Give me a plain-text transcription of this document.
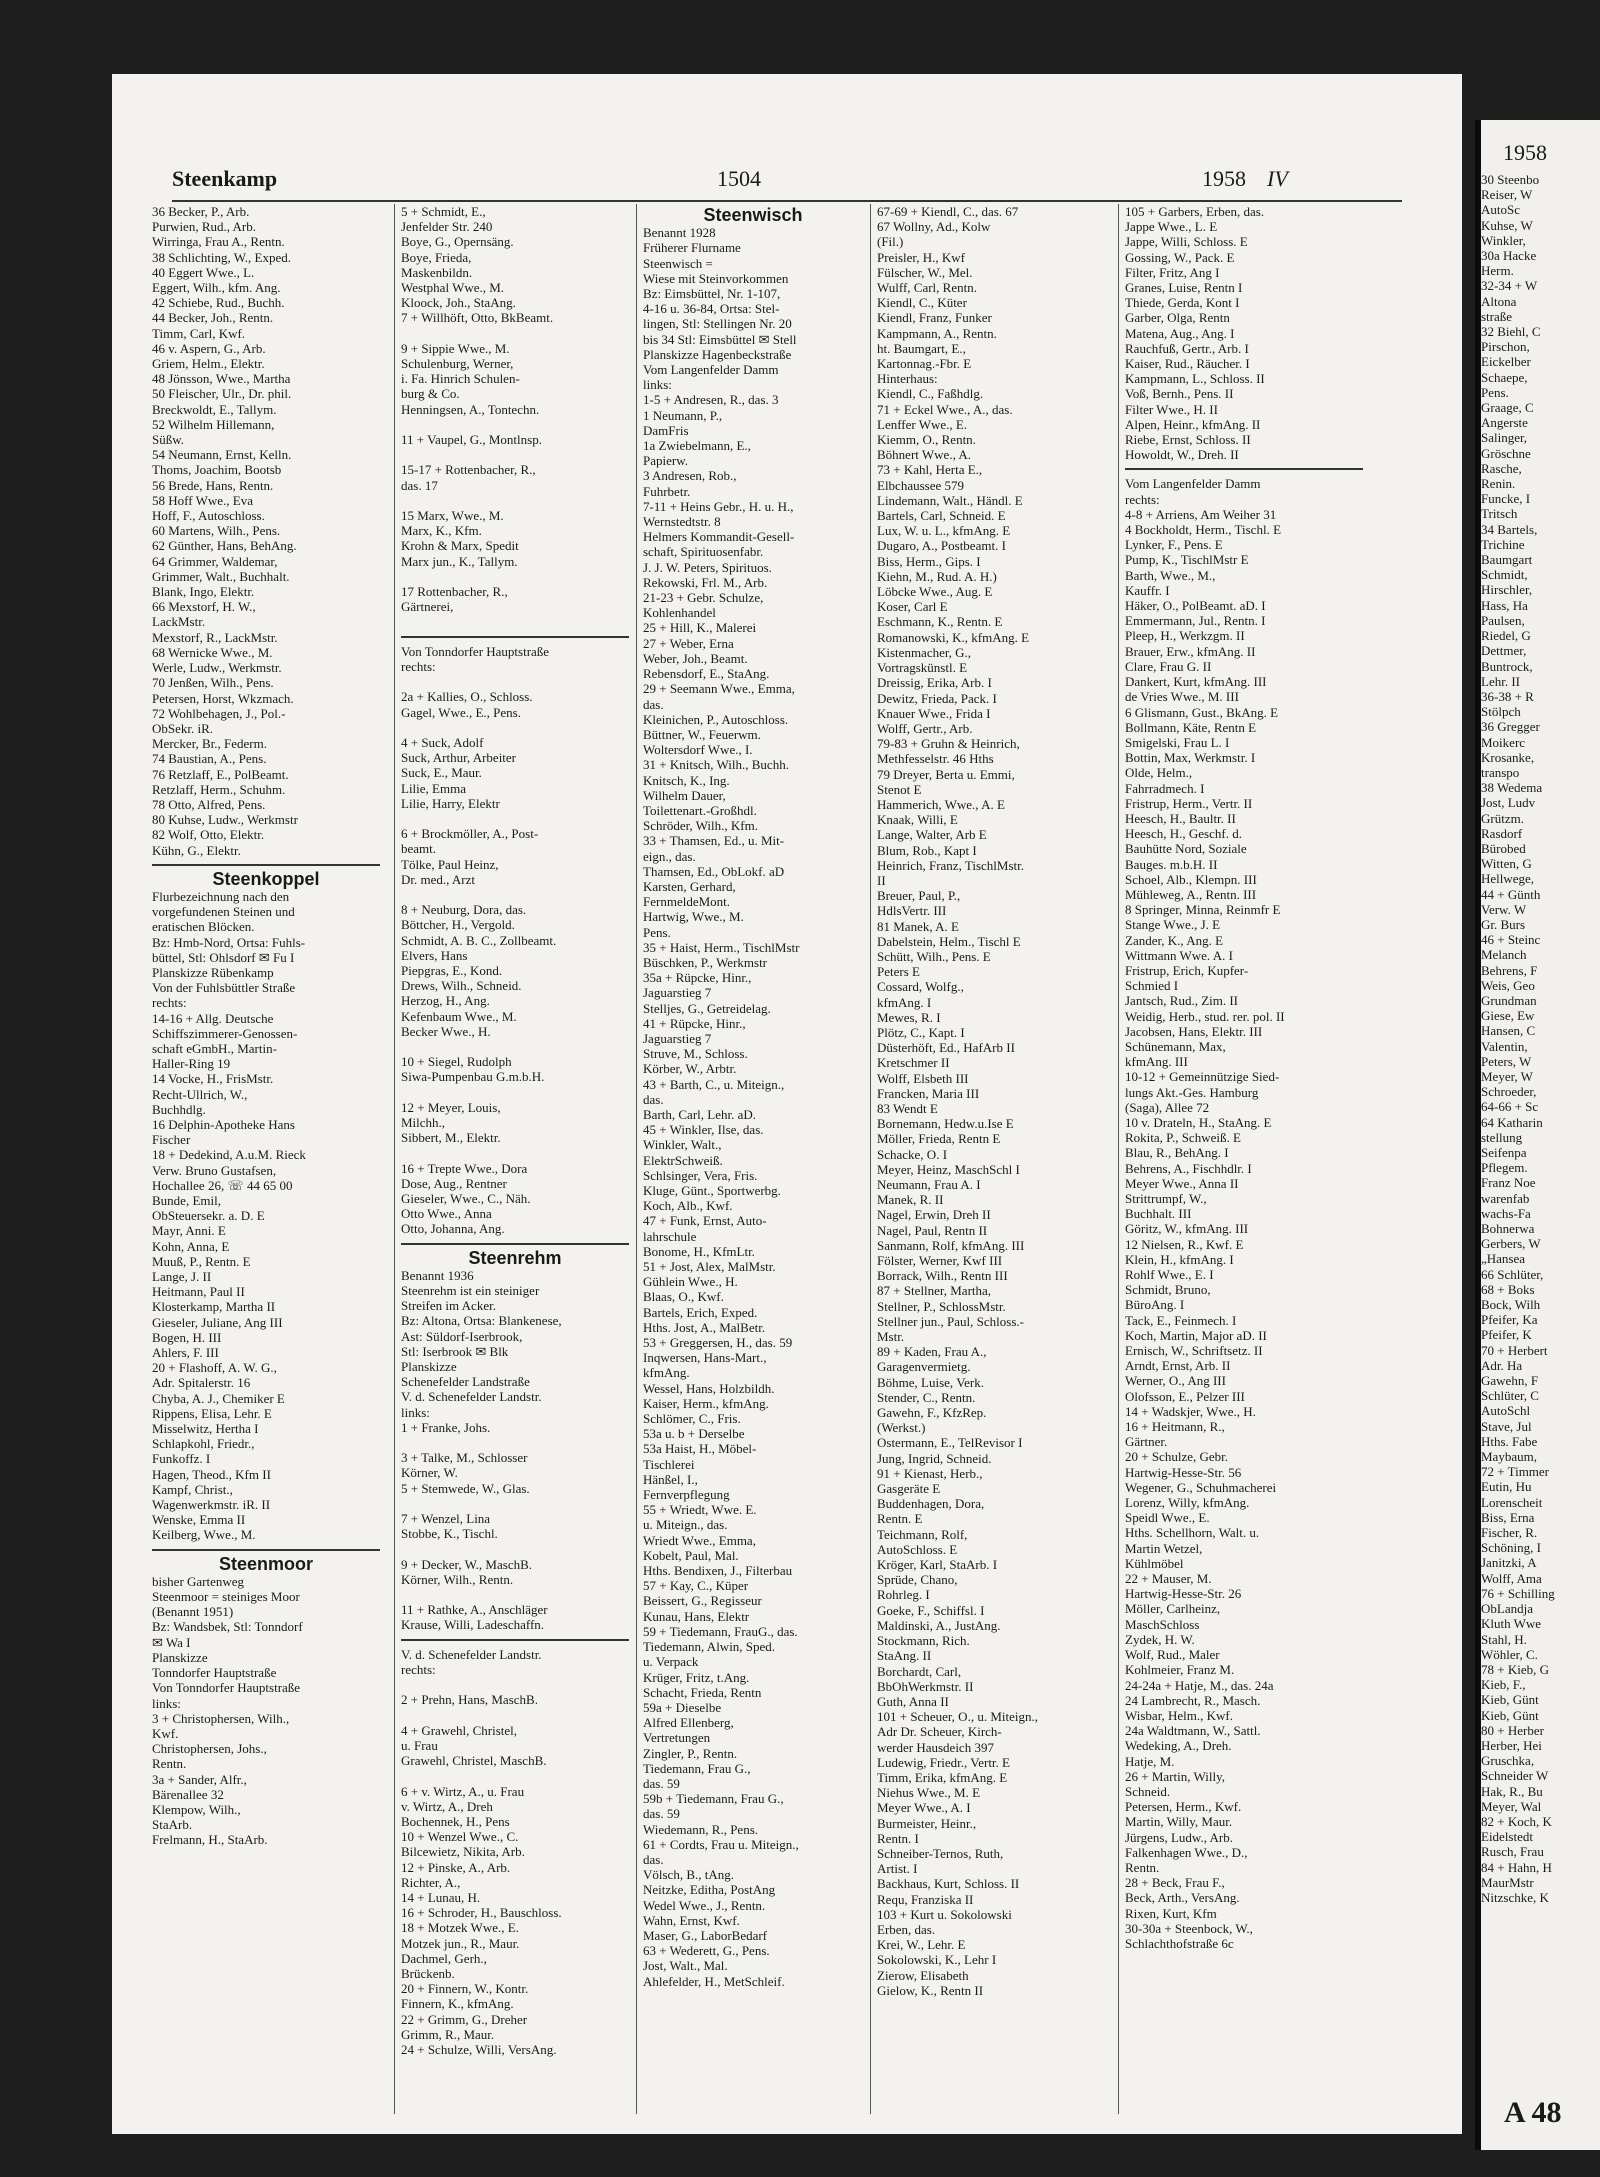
Steenkamp	1504	1958 IV
36 Becker, P., Arb.
Purwien, Rud., Arb.
Wirringa, Frau A., Rentn.
38 Schlichting, W., Exped.
40 Eggert Wwe., L.
Eggert, Wilh., kfm. Ang.
42 Schiebe, Rud., Buchh.
44 Becker, Joh., Rentn.
Timm, Carl, Kwf.
46 v. Aspern, G., Arb.
Griem, Helm., Elektr.
48 Jönsson, Wwe., Martha
50 Fleischer, Ulr., Dr. phil.
Breckwoldt, E., Tallym.
52 Wilhelm Hillemann,
Süßw.
54 Neumann, Ernst, Kelln.
Thoms, Joachim, Bootsb
56 Brede, Hans, Rentn.
58 Hoff Wwe., Eva
Hoff, F., Autoschloss.
60 Martens, Wilh., Pens.
62 Günther, Hans, BehAng.
64 Grimmer, Waldemar,
Grimmer, Walt., Buchhalt.
Blank, Ingo, Elektr.
66 Mexstorf, H. W.,
LackMstr.
Mexstorf, R., LackMstr.
68 Wernicke Wwe., M.
Werle, Ludw., Werkmstr.
70 Jenßen, Wilh., Pens.
Petersen, Horst, Wkzmach.
72 Wohlbehagen, J., Pol.-
ObSekr. iR.
Mercker, Br., Federm.
74 Baustian, A., Pens.
76 Retzlaff, E., PolBeamt.
Retzlaff, Herm., Schuhm.
78 Otto, Alfred, Pens.
80 Kuhse, Ludw., Werkmstr
82 Wolf, Otto, Elektr.
Kühn, G., Elektr.
Steenkoppel
Flurbezeichnung nach den
vorgefundenen Steinen und
eratischen Blöcken.
Bz: Hmb-Nord, Ortsa: Fuhls-
büttel, Stl: Ohlsdorf ✉ Fu I
Planskizze Rübenkamp
Von der Fuhlsbüttler Straße
rechts:
14-16 + Allg. Deutsche
Schiffszimmerer-Genossen-
schaft eGmbH., Martin-
Haller-Ring 19
14 Vocke, H., FrisMstr.
Recht-Ullrich, W.,
Buchhdlg.
16 Delphin-Apotheke Hans
Fischer
18 + Dedekind, A.u.M. Rieck
Verw. Bruno Gustafsen,
Hochallee 26, ☏ 44 65 00
Bunde, Emil,
ObSteuersekr. a. D. E
Mayr, Anni. E
Kohn, Anna, E
Muuß, P., Rentn. E
Lange, J. II
Heitmann, Paul II
Klosterkamp, Martha II
Gieseler, Juliane, Ang III
Bogen, H. III
Ahlers, F. III
20 + Flashoff, A. W. G.,
Adr. Spitalerstr. 16
Chyba, A. J., Chemiker E
Rippens, Elisa, Lehr. E
Misselwitz, Hertha I
Schlapkohl, Friedr.,
Funkoffz. I
Hagen, Theod., Kfm II
Kampf, Christ.,
Wagenwerkmstr. iR. II
Wenske, Emma II
Keilberg, Wwe., M.
Steenmoor
bisher Gartenweg
Steenmoor = steiniges Moor
(Benannt 1951)
Bz: Wandsbek, Stl: Tonndorf
✉ Wa I
Planskizze
Tonndorfer Hauptstraße
Von Tonndorfer Hauptstraße
links:
3 + Christophersen, Wilh.,
Kwf.
Christophersen, Johs.,
Rentn.
3a + Sander, Alfr.,
Bärenallee 32
Klempow, Wilh.,
StaArb.
Frelmann, H., StaArb.
5 + Schmidt, E.,
Jenfelder Str. 240
Boye, G., Opernsäng.
Boye, Frieda,
Maskenbildn.
Westphal Wwe., M.
Kloock, Joh., StaAng.
7 + Willhöft, Otto, BkBeamt.

9 + Sippie Wwe., M.
Schulenburg, Werner,
i. Fa. Hinrich Schulen-
burg & Co.
Henningsen, A., Tontechn.

11 + Vaupel, G., Montlnsp.

15-17 + Rottenbacher, R.,
das. 17

15 Marx, Wwe., M.
Marx, K., Kfm.
Krohn & Marx, Spedit
Marx jun., K., Tallym.

17 Rottenbacher, R.,
Gärtnerei,

Von Tonndorfer Hauptstraße
rechts:

2a + Kallies, O., Schloss.
Gagel, Wwe., E., Pens.

4 + Suck, Adolf
Suck, Arthur, Arbeiter
Suck, E., Maur.
Lilie, Emma
Lilie, Harry, Elektr

6 + Brockmöller, A., Post-
beamt.
Tölke, Paul Heinz,
Dr. med., Arzt

8 + Neuburg, Dora, das.
Böttcher, H., Vergold.
Schmidt, A. B. C., Zollbeamt.
Elvers, Hans
Piepgras, E., Kond.
Drews, Wilh., Schneid.
Herzog, H., Ang.
Kefenbaum Wwe., M.
Becker Wwe., H.

10 + Siegel, Rudolph
Siwa-Pumpenbau G.m.b.H.

12 + Meyer, Louis,
Milchh.,
Sibbert, M., Elektr.

16 + Trepte Wwe., Dora
Dose, Aug., Rentner
Gieseler, Wwe., C., Näh.
Otto Wwe., Anna
Otto, Johanna, Ang.
Steenrehm
Benannt 1936
Steenrehm ist ein steiniger
Streifen im Acker.
Bz: Altona, Ortsa: Blankenese,
Ast: Süldorf-Iserbrook,
Stl: Iserbrook ✉ Blk
Planskizze
Schenefelder Landstraße
V. d. Schenefelder Landstr.
links:
1 + Franke, Johs.

3 + Talke, M., Schlosser
Körner, W.
5 + Stemwede, W., Glas.

7 + Wenzel, Lina
Stobbe, K., Tischl.

9 + Decker, W., MaschB.
Körner, Wilh., Rentn.

11 + Rathke, A., Anschläger
Krause, Willi, Ladeschaffn.
V. d. Schenefelder Landstr.
rechts:

2 + Prehn, Hans, MaschB.

4 + Grawehl, Christel,
u. Frau
Grawehl, Christel, MaschB.

6 + v. Wirtz, A., u. Frau
v. Wirtz, A., Dreh
Bochennek, H., Pens
10 + Wenzel Wwe., C.
Bilcewietz, Nikita, Arb.
12 + Pinske, A., Arb.
Richter, A.,
14 + Lunau, H.
16 + Schroder, H., Bauschloss.
18 + Motzek Wwe., E.
Motzek jun., R., Maur.
Dachmel, Gerh.,
Brückenb.
20 + Finnern, W., Kontr.
Finnern, K., kfmAng.
22 + Grimm, G., Dreher
Grimm, R., Maur.
24 + Schulze, Willi, VersAng.
Steenwisch
Benannt 1928
Früherer Flurname
Steenwisch =
Wiese mit Steinvorkommen
Bz: Eimsbüttel, Nr. 1-107,
4-16 u. 36-84, Ortsa: Stel-
lingen, Stl: Stellingen Nr. 20
bis 34 Stl: Eimsbüttel ✉ Stell
Planskizze Hagenbeckstraße
Vom Langenfelder Damm
links:
1-5 + Andresen, R., das. 3
1 Neumann, P.,
DamFris
1a Zwiebelmann, E.,
Papierw.
3 Andresen, Rob.,
Fuhrbetr.
7-11 + Heins Gebr., H. u. H.,
Wernstedtstr. 8
Helmers Kommandit-Gesell-
schaft, Spirituosenfabr.
J. J. W. Peters, Spirituos.
Rekowski, Frl. M., Arb.
21-23 + Gebr. Schulze,
Kohlenhandel
25 + Hill, K., Malerei
27 + Weber, Erna
Weber, Joh., Beamt.
Rebensdorf, E., StaAng.
29 + Seemann Wwe., Emma,
das.
Kleinichen, P., Autoschloss.
Büttner, W., Feuerwm.
Woltersdorf Wwe., I.
31 + Knitsch, Wilh., Buchh.
Knitsch, K., Ing.
Wilhelm Dauer,
Toilettenart.-Großhdl.
Schröder, Wilh., Kfm.
33 + Thamsen, Ed., u. Mit-
eign., das.
Thamsen, Ed., ObLokf. aD
Karsten, Gerhard,
FernmeldeMont.
Hartwig, Wwe., M.
Pens.
35 + Haist, Herm., TischlMstr
Büschken, P., Werkmstr
35a + Rüpcke, Hinr.,
Jaguarstieg 7
Stelljes, G., Getreidelag.
41 + Rüpcke, Hinr.,
Jaguarstieg 7
Struve, M., Schloss.
Körber, W., Arbtr.
43 + Barth, C., u. Miteign.,
das.
Barth, Carl, Lehr. aD.
45 + Winkler, Ilse, das.
Winkler, Walt.,
ElektrSchweiß.
Schlsinger, Vera, Fris.
Kluge, Günt., Sportwerbg.
Koch, Alb., Kwf.
47 + Funk, Ernst, Auto-
lahrschule
Bonome, H., KfmLtr.
51 + Jost, Alex, MalMstr.
Gühlein Wwe., H.
Blaas, O., Kwf.
Bartels, Erich, Exped.
Hths. Jost, A., MalBetr.
53 + Greggersen, H., das. 59
Inqwersen, Hans-Mart.,
kfmAng.
Wessel, Hans, Holzbildh.
Kaiser, Herm., kfmAng.
Schlömer, C., Fris.
53a u. b + Derselbe
53a Haist, H., Möbel-
Tischlerei
Hänßel, I.,
Fernverpflegung
55 + Wriedt, Wwe. E.
u. Miteign., das.
Wriedt Wwe., Emma,
Kobelt, Paul, Mal.
Hths. Bendixen, J., Filterbau
57 + Kay, C., Küper
Beissert, G., Regisseur
Kunau, Hans, Elektr
59 + Tiedemann, FrauG., das.
Tiedemann, Alwin, Sped.
u. Verpack
Krüger, Fritz, t.Ang.
Schacht, Frieda, Rentn
59a + Dieselbe
Alfred Ellenberg,
Vertretungen
Zingler, P., Rentn.
Tiedemann, Frau G.,
das. 59
59b + Tiedemann, Frau G.,
das. 59
Wiedemann, R., Pens.
61 + Cordts, Frau u. Miteign.,
das.
Völsch, B., tAng.
Neitzke, Editha, PostAng
Wedel Wwe., J., Rentn.
Wahn, Ernst, Kwf.
Maser, G., LaborBedarf
63 + Wederett, G., Pens.
Jost, Walt., Mal.
Ahlefelder, H., MetSchleif.
67-69 + Kiendl, C., das. 67
67 Wollny, Ad., Kolw
(Fil.)
Preisler, H., Kwf
Fülscher, W., Mel.
Wulff, Carl, Rentn.
Kiendl, C., Küter
Kiendl, Franz, Funker
Kampmann, A., Rentn.
ht. Baumgart, E.,
Kartonnag.-Fbr. E
Hinterhaus:
Kiendl, C., Faßhdlg.
71 + Eckel Wwe., A., das.
Lenffer Wwe., E.
Kiemm, O., Rentn.
Böhnert Wwe., A.
73 + Kahl, Herta E.,
Elbchaussee 579
Lindemann, Walt., Händl. E
Bartels, Carl, Schneid. E
Lux, W. u. L., kfmAng. E
Dugaro, A., Postbeamt. I
Biss, Herm., Gips. I
Kiehn, M., Rud. A. H.)
Löbcke Wwe., Aug. E
Koser, Carl E
Eschmann, K., Rentn. E
Romanowski, K., kfmAng. E
Kistenmacher, G.,
Vortragskünstl. E
Dreissig, Erika, Arb. I
Dewitz, Frieda, Pack. I
Knauer Wwe., Frida I
Wolff, Gertr., Arb.
79-83 + Gruhn & Heinrich,
Methfesselstr. 46 Hths
79 Dreyer, Berta u. Emmi,
Stenot E
Hammerich, Wwe., A. E
Knaak, Willi, E
Lange, Walter, Arb E
Blum, Rob., Kapt I
Heinrich, Franz, TischlMstr.
II
Breuer, Paul, P.,
HdlsVertr. III
81 Manek, A. E
Dabelstein, Helm., Tischl E
Schütt, Wilh., Pens. E
Peters E
Cossard, Wolfg.,
kfmAng. I
Mewes, R. I
Plötz, C., Kapt. I
Düsterhöft, Ed., HafArb II
Kretschmer II
Wolff, Elsbeth III
Francken, Maria III
83 Wendt E
Bornemann, Hedw.u.Ise E
Möller, Frieda, Rentn E
Schacke, O. I
Meyer, Heinz, MaschSchl I
Neumann, Frau A. I
Manek, R. II
Nagel, Erwin, Dreh II
Nagel, Paul, Rentn II
Sanmann, Rolf, kfmAng. III
Fölster, Werner, Kwf III
Borrack, Wilh., Rentn III
87 + Stellner, Martha,
Stellner, P., SchlossMstr.
Stellner jun., Paul, Schloss.-
Mstr.
89 + Kaden, Frau A.,
Garagenvermietg.
Böhme, Luise, Verk.
Stender, C., Rentn.
Gawehn, F., KfzRep.
(Werkst.)
Ostermann, E., TelRevisor I
Jung, Ingrid, Schneid.
91 + Kienast, Herb.,
Gasgeräte E
Buddenhagen, Dora,
Rentn. E
Teichmann, Rolf,
AutoSchloss. E
Kröger, Karl, StaArb. I
Sprüde, Chano,
Rohrleg. I
Goeke, F., Schiffsl. I
Maldinski, A., JustAng.
Stockmann, Rich.
StaAng. II
Borchardt, Carl,
BbOhWerkmstr. II
Guth, Anna II
101 + Scheuer, O., u. Miteign.,
Adr Dr. Scheuer, Kirch-
werder Hausdeich 397
Ludewig, Friedr., Vertr. E
Timm, Erika, kfmAng. E
Niehus Wwe., M. E
Meyer Wwe., A. I
Burmeister, Heinr.,
Rentn. I
Schneiber-Ternos, Ruth,
Artist. I
Backhaus, Kurt, Schloss. II
Requ, Franziska II
103 + Kurt u. Sokolowski
Erben, das.
Krei, W., Lehr. E
Sokolowski, K., Lehr I
Zierow, Elisabeth
Gielow, K., Rentn II
105 + Garbers, Erben, das.
Jappe Wwe., L. E
Jappe, Willi, Schloss. E
Gossing, W., Pack. E
Filter, Fritz, Ang I
Granes, Luise, Rentn I
Thiede, Gerda, Kont I
Garber, Olga, Rentn
Matena, Aug., Ang. I
Rauchfuß, Gertr., Arb. I
Kaiser, Rud., Räucher. I
Kampmann, L., Schloss. II
Voß, Bernh., Pens. II
Filter Wwe., H. II
Alpen, Heinr., kfmAng. II
Riebe, Ernst, Schloss. II
Howoldt, W., Dreh. II
Vom Langenfelder Damm
rechts:
4-8 + Arriens, Am Weiher 31
4 Bockholdt, Herm., Tischl. E
Lynker, F., Pens. E
Pump, K., TischlMstr E
Barth, Wwe., M.,
Kauffr. I
Häker, O., PolBeamt. aD. I
Emmermann, Jul., Rentn. I
Pleep, H., Werkzgm. II
Brauer, Erw., kfmAng. II
Clare, Frau G. II
Dankert, Kurt, kfmAng. III
de Vries Wwe., M. III
6 Glismann, Gust., BkAng. E
Bollmann, Käte, Rentn E
Smigelski, Frau L. I
Bottin, Max, Werkmstr. I
Olde, Helm.,
Fahrradmech. I
Fristrup, Herm., Vertr. II
Heesch, H., Baultr. II
Heesch, H., Geschf. d.
Bauhütte Nord, Soziale
Bauges. m.b.H. II
Schoel, Alb., Klempn. III
Mühleweg, A., Rentn. III
8 Springer, Minna, Reinmfr E
Stange Wwe., J. E
Zander, K., Ang. E
Wittmann Wwe. A. I
Fristrup, Erich, Kupfer-
Schmied I
Jantsch, Rud., Zim. II
Weidig, Herb., stud. rer. pol. II
Jacobsen, Hans, Elektr. III
Schünemann, Max,
kfmAng. III
10-12 + Gemeinnützige Sied-
lungs Akt.-Ges. Hamburg
(Saga), Allee 72
10 v. Drateln, H., StaAng. E
Rokita, P., Schweiß. E
Blau, R., BehAng. I
Behrens, A., Fischhdlr. I
Meyer Wwe., Anna II
Strittrumpf, W.,
Buchhalt. III
Göritz, W., kfmAng. III
12 Nielsen, R., Kwf. E
Klein, H., kfmAng. I
Rohlf Wwe., E. I
Schmidt, Bruno,
BüroAng. I
Tack, E., Feinmech. I
Koch, Martin, Major aD. II
Ernisch, W., Schriftsetz. II
Arndt, Ernst, Arb. II
Werner, O., Ang III
Olofsson, E., Pelzer III
14 + Wadskjer, Wwe., H.
16 + Heitmann, R.,
Gärtner.
20 + Schulze, Gebr.
Hartwig-Hesse-Str. 56
Wegener, G., Schuhmacherei
Lorenz, Willy, kfmAng.
Speidl Wwe., E.
Hths. Schellhorn, Walt. u.
Martin Wetzel,
Kühlmöbel
22 + Mauser, M.
Hartwig-Hesse-Str. 26
Möller, Carlheinz,
MaschSchloss
Zydek, H. W.
Wolf, Rud., Maler
Kohlmeier, Franz M.
24-24a + Hatje, M., das. 24a
24 Lambrecht, R., Masch.
Wisbar, Helm., Kwf.
24a Waldtmann, W., Sattl.
Wedeking, A., Dreh.
Hatje, M.
26 + Martin, Willy,
Schneid.
Petersen, Herm., Kwf.
Martin, Willy, Maur.
Jürgens, Ludw., Arb.
Falkenhagen Wwe., D.,
Rentn.
28 + Beck, Frau F.,
Beck, Arth., VersAng.
Rixen, Kurt, Kfm
30-30a + Steenbock, W.,
Schlachthofstraße 6c
1958
30 Steenbo
Reiser, W
AutoSc
Kuhse, W
Winkler,
30a Hacke
Herm.
32-34 + W
Altona
straße
32 Biehl, C
Pirschon,
Eickelber
Schaepe,
Pens.
Graage, C
Angerste
Salinger,
Gröschne
Rasche,
Renin.
Funcke, I
Tritsch
34 Bartels,
Trichine
Baumgart
Schmidt,
Hirschler,
Hass, Ha
Paulsen,
Riedel, G
Dettmer,
Buntrock,
Lehr. II
36-38 + R
Stölpch
36 Gregger
Moikerc
Krosanke,
transpo
38 Wedema
Jost, Ludv
Grützm.
Rasdorf
Bürobed
Witten, G
Hellwege,
44 + Günth
Verw. W
Gr. Burs
46 + Steinc
Melanch
Behrens, F
Weis, Geo
Grundman
Giese, Ew
Hansen, C
Valentin,
Peters, W
Meyer, W
Schroeder,
64-66 + Sc
64 Katharin
stellung
Seifenpa
Pflegem.
Franz Noe
warenfab
wachs-Fa
Bohnerwa
Gerbers, W
„Hansea
66 Schlüter,
68 + Boks
Bock, Wilh
Pfeifer, Ka
Pfeifer, K
70 + Herbert
Adr. Ha
Gawehn, F
Schlüter, C
AutoSchl
Stave, Jul
Hths. Fabe
Maybaum,
72 + Timmer
Eutin, Hu
Lorenscheit
Biss, Erna
Fischer, R.
Schöning, I
Janitzki, A
Wolff, Ama
76 + Schilling
ObLandja
Kluth Wwe
Stahl, H.
Wöhler, C.
78 + Kieb, G
Kieb, F.,
Kieb, Günt
Kieb, Günt
80 + Herber
Herber, Hei
Gruschka,
Schneider W
Hak, R., Bu
Meyer, Wal
82 + Koch, K
Eidelstedt
Rusch, Frau
84 + Hahn, H
MaurMstr
Nitzschke, K
A 48
